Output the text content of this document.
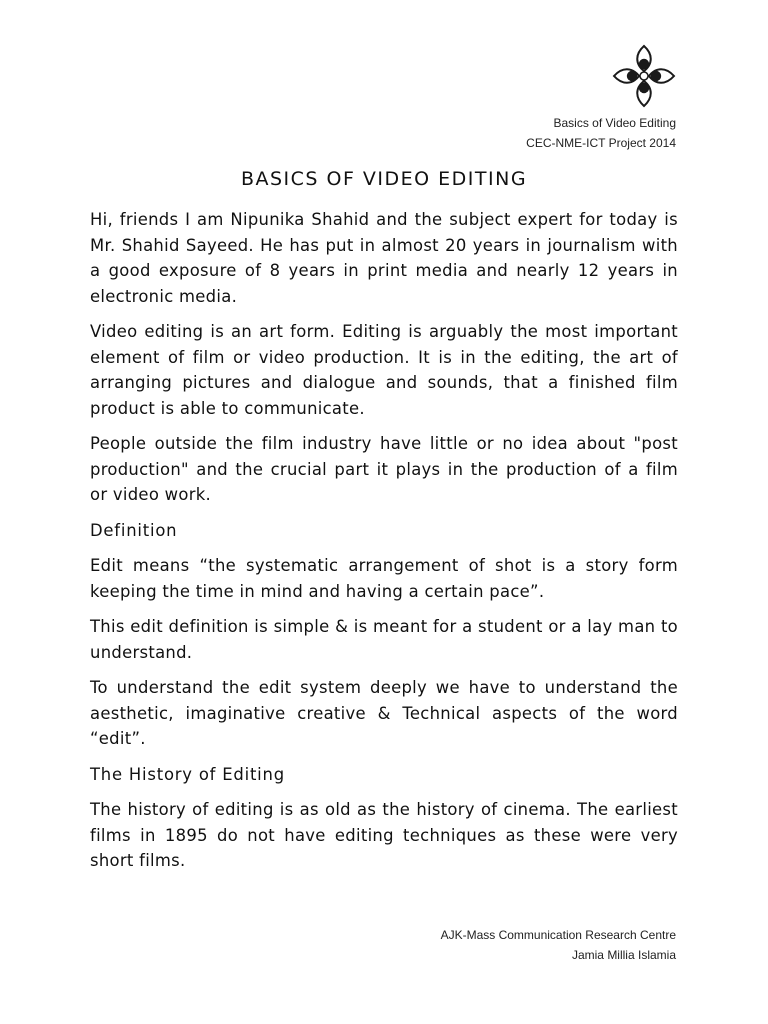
Basics of Video Editing
CEC-NME-ICT Project 2014
BASICS OF VIDEO EDITING

Hi, friends I am Nipunika Shahid and the subject expert for today is Mr. Shahid Sayeed. He has put in almost 20 years in journalism with a good exposure of 8 years in print media and nearly 12 years in electronic media.

Video editing is an art form. Editing is arguably the most important element of film or video production. It is in the editing, the art of arranging pictures and dialogue and sounds, that a finished film product is able to communicate.

People outside the film industry have little or no idea about "post production" and the crucial part it plays in the production of a film or video work.

Definition

Edit means “the systematic arrangement of shot is a story form keeping the time in mind and having a certain pace”.

This edit definition is simple & is meant for a student or a lay man to understand.

To understand the edit system deeply we have to understand the aesthetic, imaginative creative & Technical aspects of the word “edit”.

The History of Editing

The history of editing is as old as the history of cinema. The earliest films in 1895 do not have editing techniques as these were very short films.

AJK-Mass Communication Research Centre
Jamia Millia Islamia
